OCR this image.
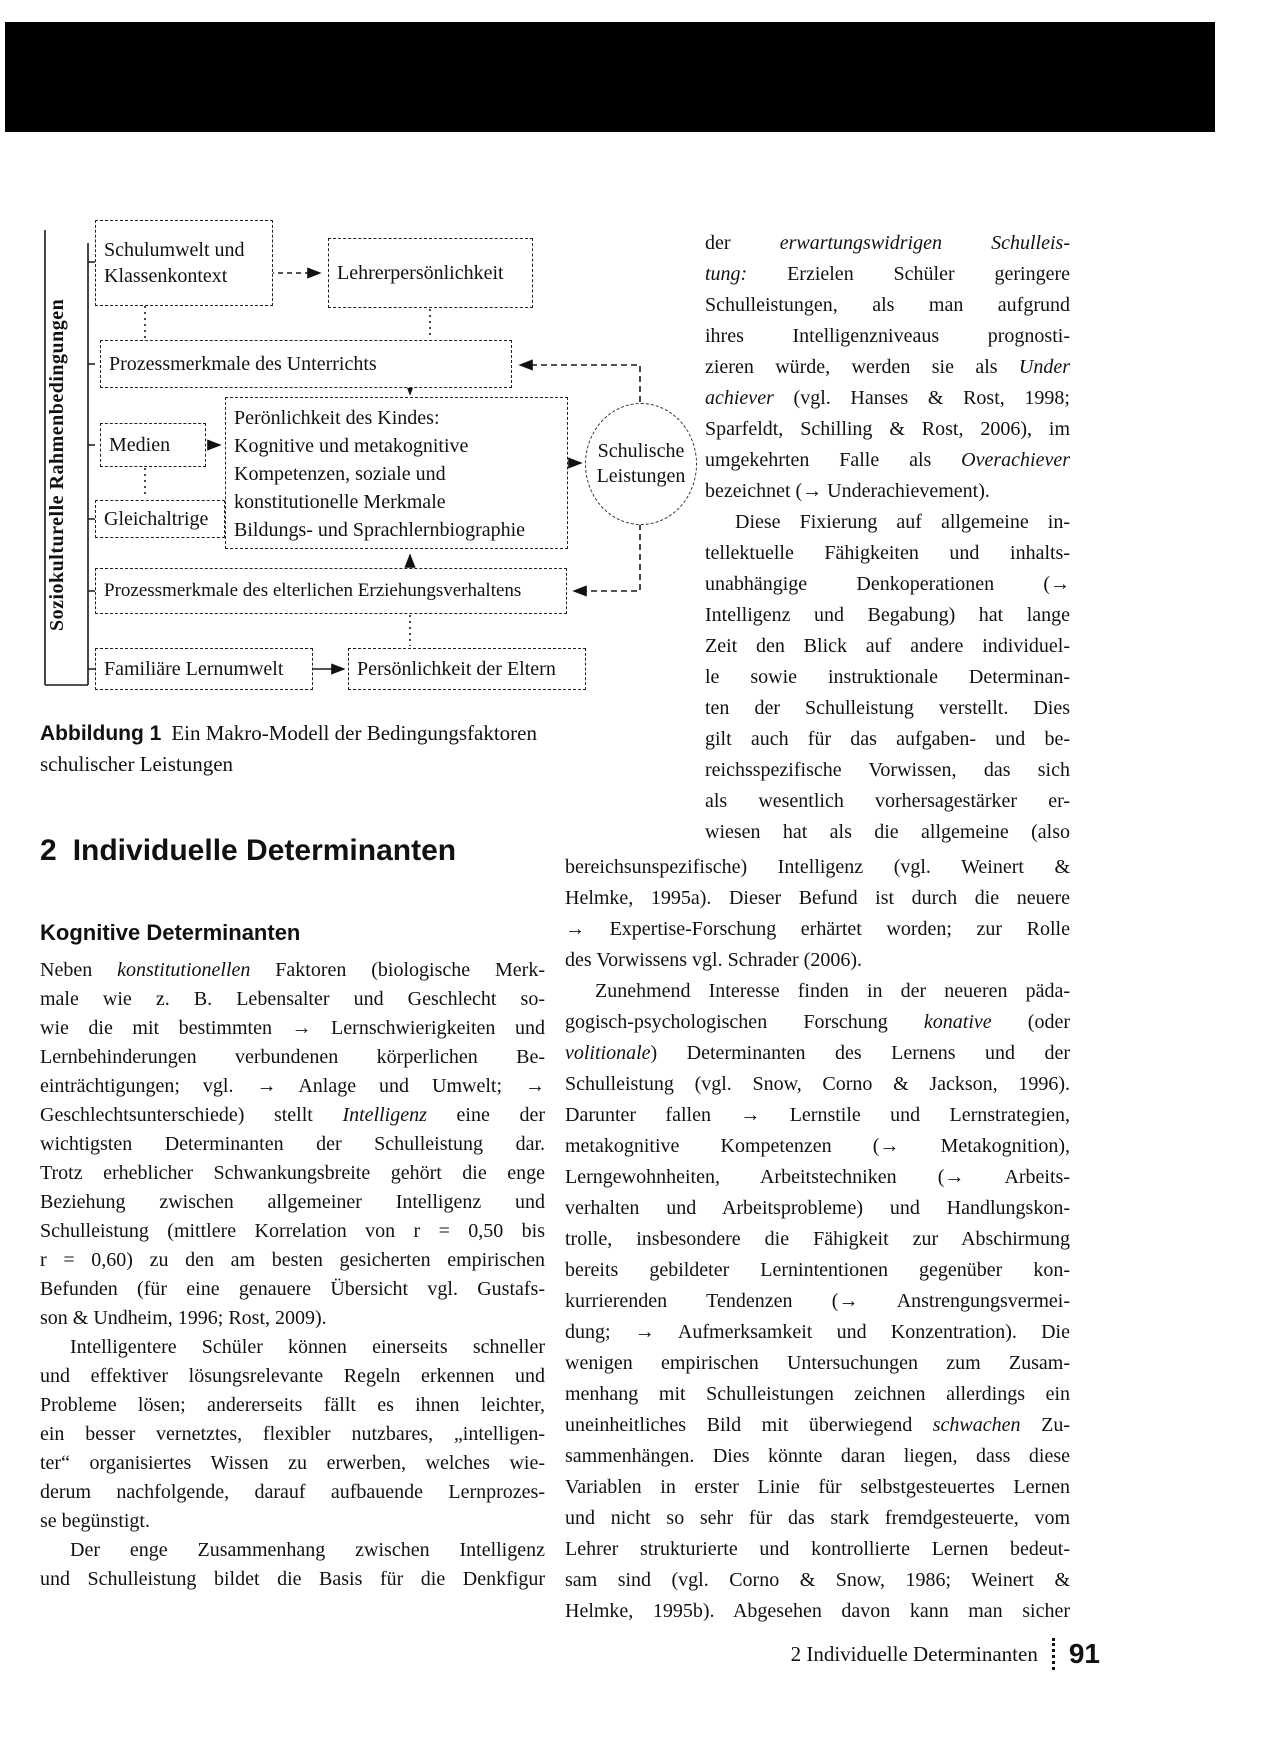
Soziokulturelle Rahmenbedingungen
Schulumwelt und Klassenkontext	Lehrerpersönlichkeit
Prozessmerkmale des Unterrichts
Medien
Perönlichkeit des Kindes:
Kognitive und metakognitive
Kompetenzen, soziale und
konstitutionelle Merkmale
Bildungs- und Sprachlernbiographie
Gleichaltrige
Prozessmerkmale des elterlichen Erziehungsverhaltens
Familiäre Lernumwelt	Persönlichkeit der Eltern
Schulische
Leistungen
Abbildung 1 Ein Makro-Modell der Bedingungsfaktoren schulischer Leistungen
2 Individuelle Determinanten
Kognitive Determinanten
der erwartungswidrigen Schulleis-
tung: Erzielen Schüler geringere
Schulleistungen, als man aufgrund
ihres Intelligenzniveaus prognosti-
zieren würde, werden sie als Under
achiever (vgl. Hanses & Rost, 1998;
Sparfeldt, Schilling & Rost, 2006), im
umgekehrten Falle als Overachiever
bezeichnet (→ Underachievement).
Diese Fixierung auf allgemeine in-
tellektuelle Fähigkeiten und inhalts-
unabhängige Denkoperationen (→
Intelligenz und Begabung) hat lange
Zeit den Blick auf andere individuel-
le sowie instruktionale Determinan-
ten der Schulleistung verstellt. Dies
gilt auch für das aufgaben- und be-
reichsspezifische Vorwissen, das sich
als wesentlich vorhersagestärker er-
wiesen hat als die allgemeine (also
Neben konstitutionellen Faktoren (biologische Merk-
male wie z. B. Lebensalter und Geschlecht so-
wie die mit bestimmten → Lernschwierigkeiten und
Lernbehinderungen verbundenen körperlichen Be-
einträchtigungen; vgl. → Anlage und Umwelt; →
Geschlechtsunterschiede) stellt Intelligenz eine der
wichtigsten Determinanten der Schulleistung dar.
Trotz erheblicher Schwankungsbreite gehört die enge
Beziehung zwischen allgemeiner Intelligenz und
Schulleistung (mittlere Korrelation von r = 0,50 bis
r = 0,60) zu den am besten gesicherten empirischen
Befunden (für eine genauere Übersicht vgl. Gustafs-
son & Undheim, 1996; Rost, 2009).
Intelligentere Schüler können einerseits schneller
und effektiver lösungsrelevante Regeln erkennen und
Probleme lösen; andererseits fällt es ihnen leichter,
ein besser vernetztes, flexibler nutzbares, „intelligen-
ter“ organisiertes Wissen zu erwerben, welches wie-
derum nachfolgende, darauf aufbauende Lernprozes-
se begünstigt.
Der enge Zusammenhang zwischen Intelligenz
und Schulleistung bildet die Basis für die Denkfigur
bereichsunspezifische) Intelligenz (vgl. Weinert &
Helmke, 1995a). Dieser Befund ist durch die neuere
→ Expertise-Forschung erhärtet worden; zur Rolle
des Vorwissens vgl. Schrader (2006).
Zunehmend Interesse finden in der neueren päda-
gogisch-psychologischen Forschung konative (oder
volitionale) Determinanten des Lernens und der
Schulleistung (vgl. Snow, Corno & Jackson, 1996).
Darunter fallen → Lernstile und Lernstrategien,
metakognitive Kompetenzen (→ Metakognition),
Lerngewohnheiten, Arbeitstechniken (→ Arbeits-
verhalten und Arbeitsprobleme) und Handlungskon-
trolle, insbesondere die Fähigkeit zur Abschirmung
bereits gebildeter Lernintentionen gegenüber kon-
kurrierenden Tendenzen (→ Anstrengungsvermei-
dung; → Aufmerksamkeit und Konzentration). Die
wenigen empirischen Untersuchungen zum Zusam-
menhang mit Schulleistungen zeichnen allerdings ein
uneinheitliches Bild mit überwiegend schwachen Zu-
sammenhängen. Dies könnte daran liegen, dass diese
Variablen in erster Linie für selbstgesteuertes Lernen
und nicht so sehr für das stark fremdgesteuerte, vom
Lehrer strukturierte und kontrollierte Lernen bedeut-
sam sind (vgl. Corno & Snow, 1986; Weinert &
Helmke, 1995b). Abgesehen davon kann man sicher
2 Individuelle Determinanten 91
